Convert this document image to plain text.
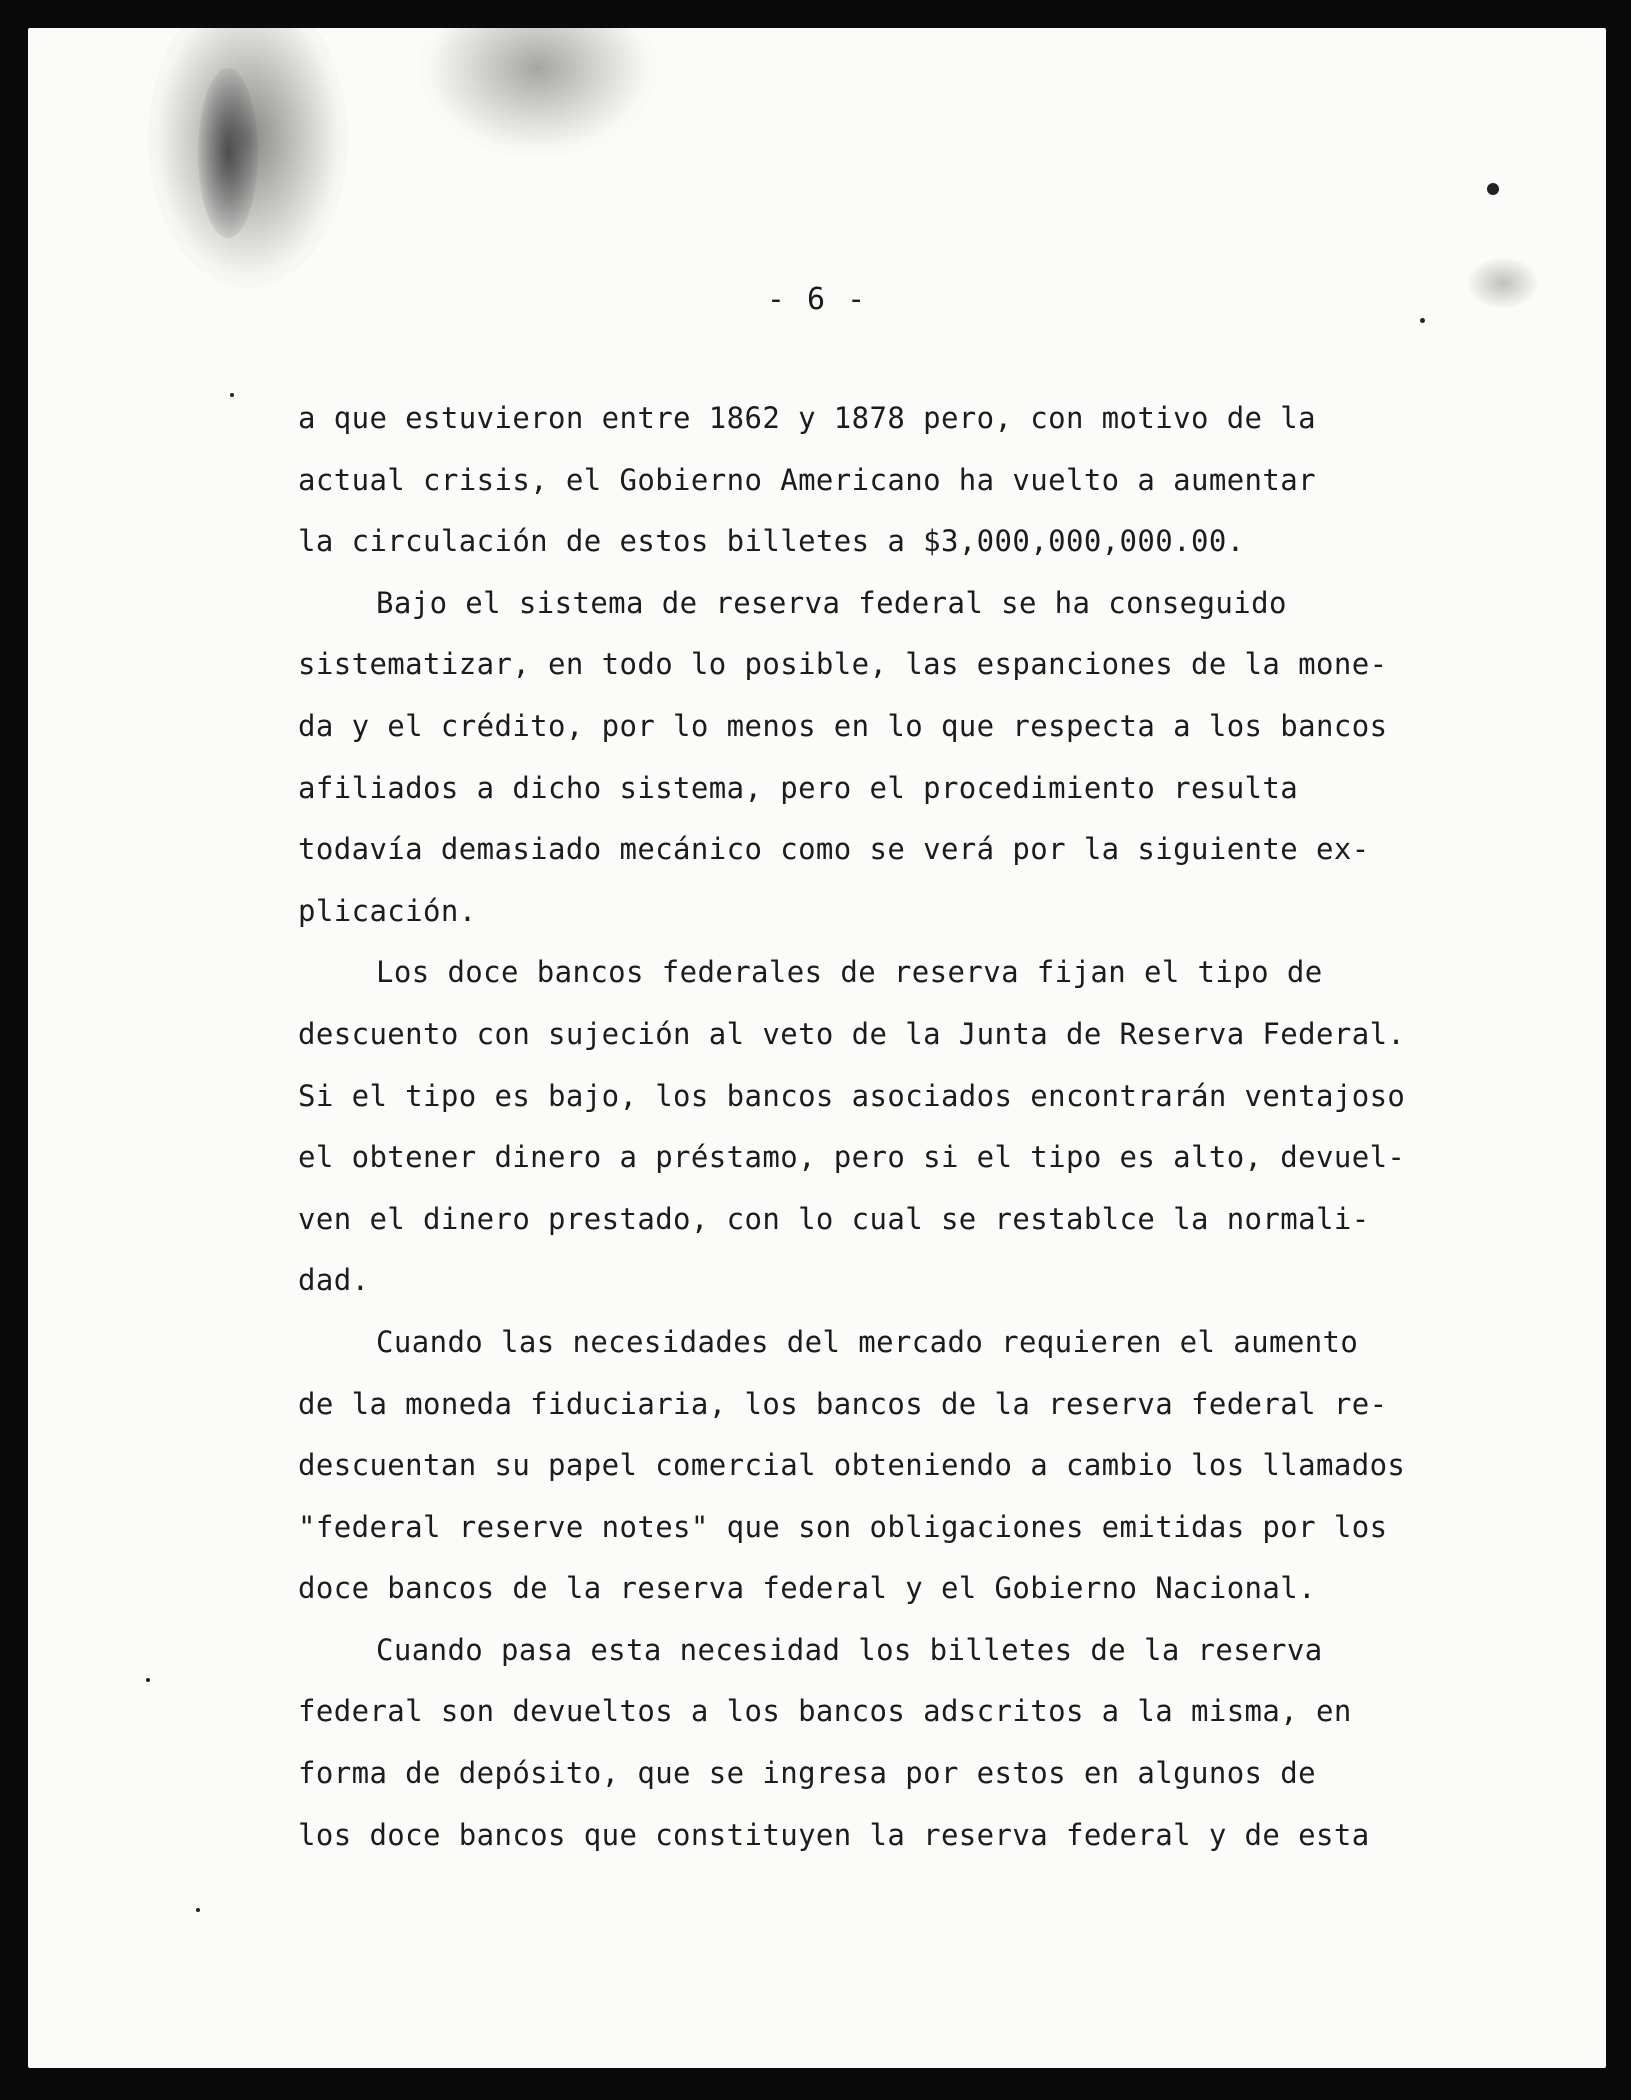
- 6 -
a que estuvieron entre 1862 y 1878 pero, con motivo de la
actual crisis, el Gobierno Americano ha vuelto a aumentar
la circulación de estos billetes a $3,000,000,000.00.
Bajo el sistema de reserva federal se ha conseguido
sistematizar, en todo lo posible, las espanciones de la mone-
da y el crédito, por lo menos en lo que respecta a los bancos
afiliados a dicho sistema, pero el procedimiento resulta
todavía demasiado mecánico como se verá por la siguiente ex-
plicación.
Los doce bancos federales de reserva fijan el tipo de
descuento con sujeción al veto de la Junta de Reserva Federal.
Si el tipo es bajo, los bancos asociados encontrarán ventajoso
el obtener dinero a préstamo, pero si el tipo es alto, devuel-
ven el dinero prestado, con lo cual se restablce la normali-
dad.
Cuando las necesidades del mercado requieren el aumento
de la moneda fiduciaria, los bancos de la reserva federal re-
descuentan su papel comercial obteniendo a cambio los llamados
"federal reserve notes" que son obligaciones emitidas por los
doce bancos de la reserva federal y el Gobierno Nacional.
Cuando pasa esta necesidad los billetes de la reserva
federal son devueltos a los bancos adscritos a la misma, en
forma de depósito, que se ingresa por estos en algunos de
los doce bancos que constituyen la reserva federal y de esta
